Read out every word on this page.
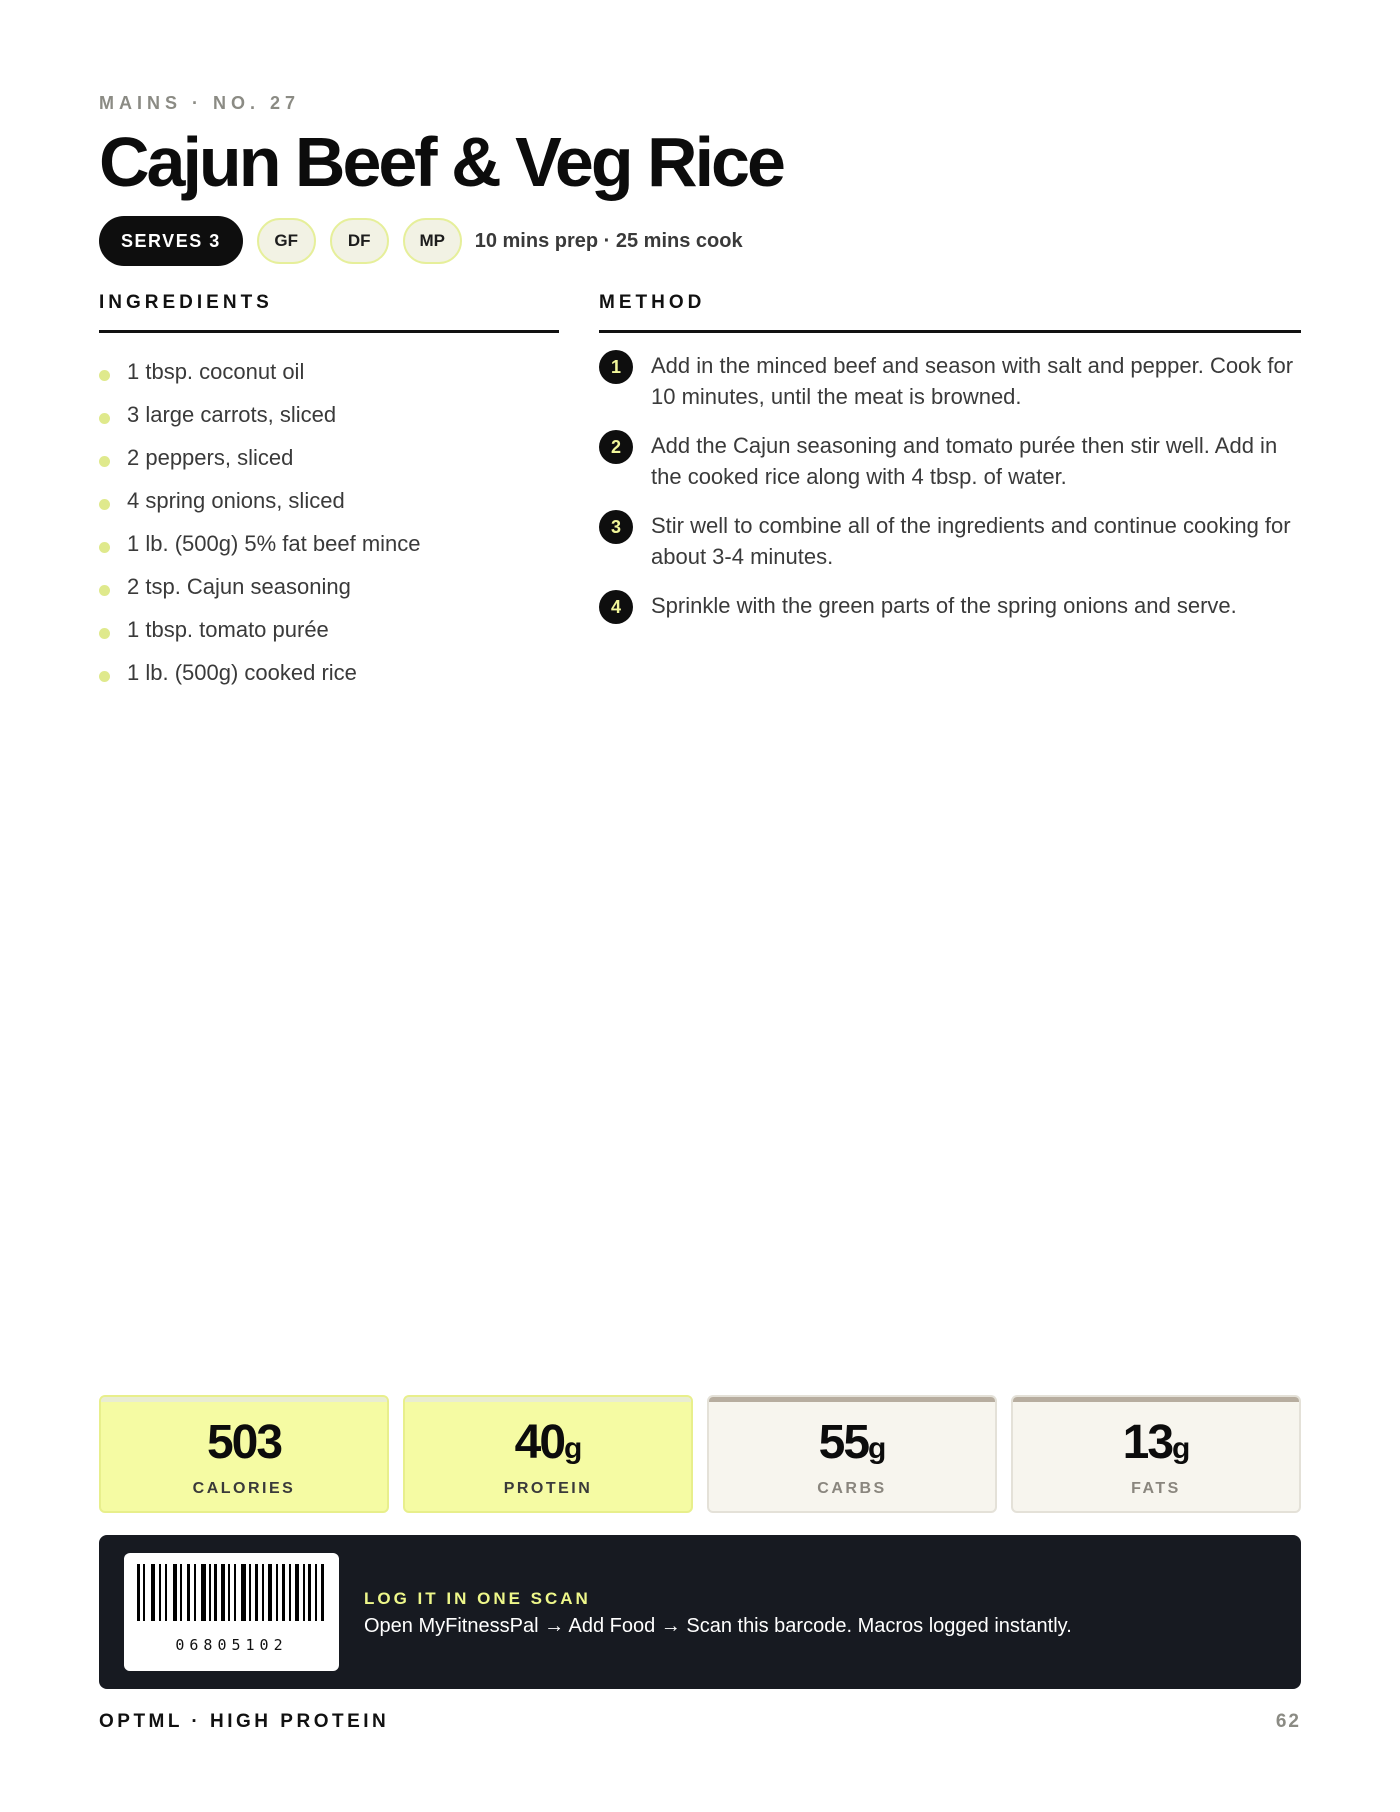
MAINS · NO. 27
Cajun Beef & Veg Rice
SERVES 3	GF	DF	MP	10 mins prep · 25 mins cook
INGREDIENTS	METHOD
1 tbsp. coconut oil
3 large carrots, sliced
2 peppers, sliced
4 spring onions, sliced
1 lb. (500g) 5% fat beef mince
2 tsp. Cajun seasoning
1 tbsp. tomato purée
1 lb. (500g) cooked rice
1	Add in the minced beef and season with salt and pepper. Cook for 10 minutes, until the meat is browned.
2	Add the Cajun seasoning and tomato purée then stir well. Add in the cooked rice along with 4 tbsp. of water.
3	Stir well to combine all of the ingredients and continue cooking for about 3-4 minutes.
4	Sprinkle with the green parts of the spring onions and serve.
503
CALORIES
40g
PROTEIN
55g
CARBS
13g
FATS
06805102
LOG IT IN ONE SCAN
Open MyFitnessPal → Add Food → Scan this barcode. Macros logged instantly.
OPTML · HIGH PROTEIN	62
